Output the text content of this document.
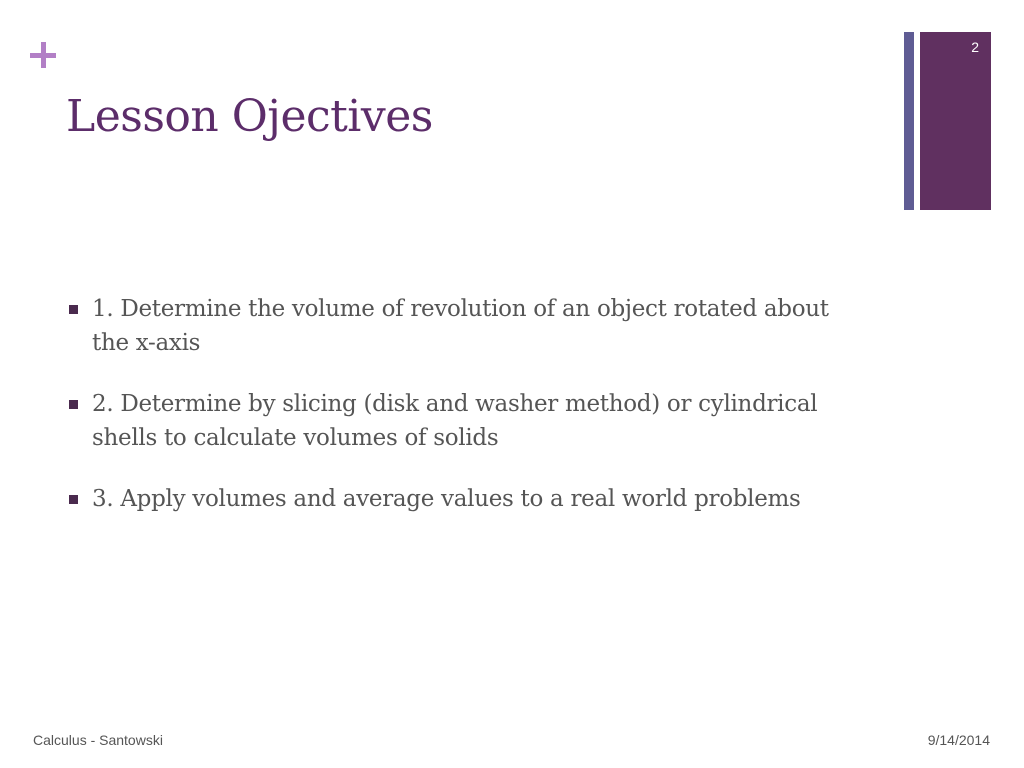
Lesson Ojectives
2
1. Determine the volume of revolution of an object rotated about the x-axis
2. Determine by slicing (disk and washer method) or cylindrical shells to calculate volumes of solids
3. Apply volumes and average values to a real world problems
Calculus - Santowski	9/14/2014
